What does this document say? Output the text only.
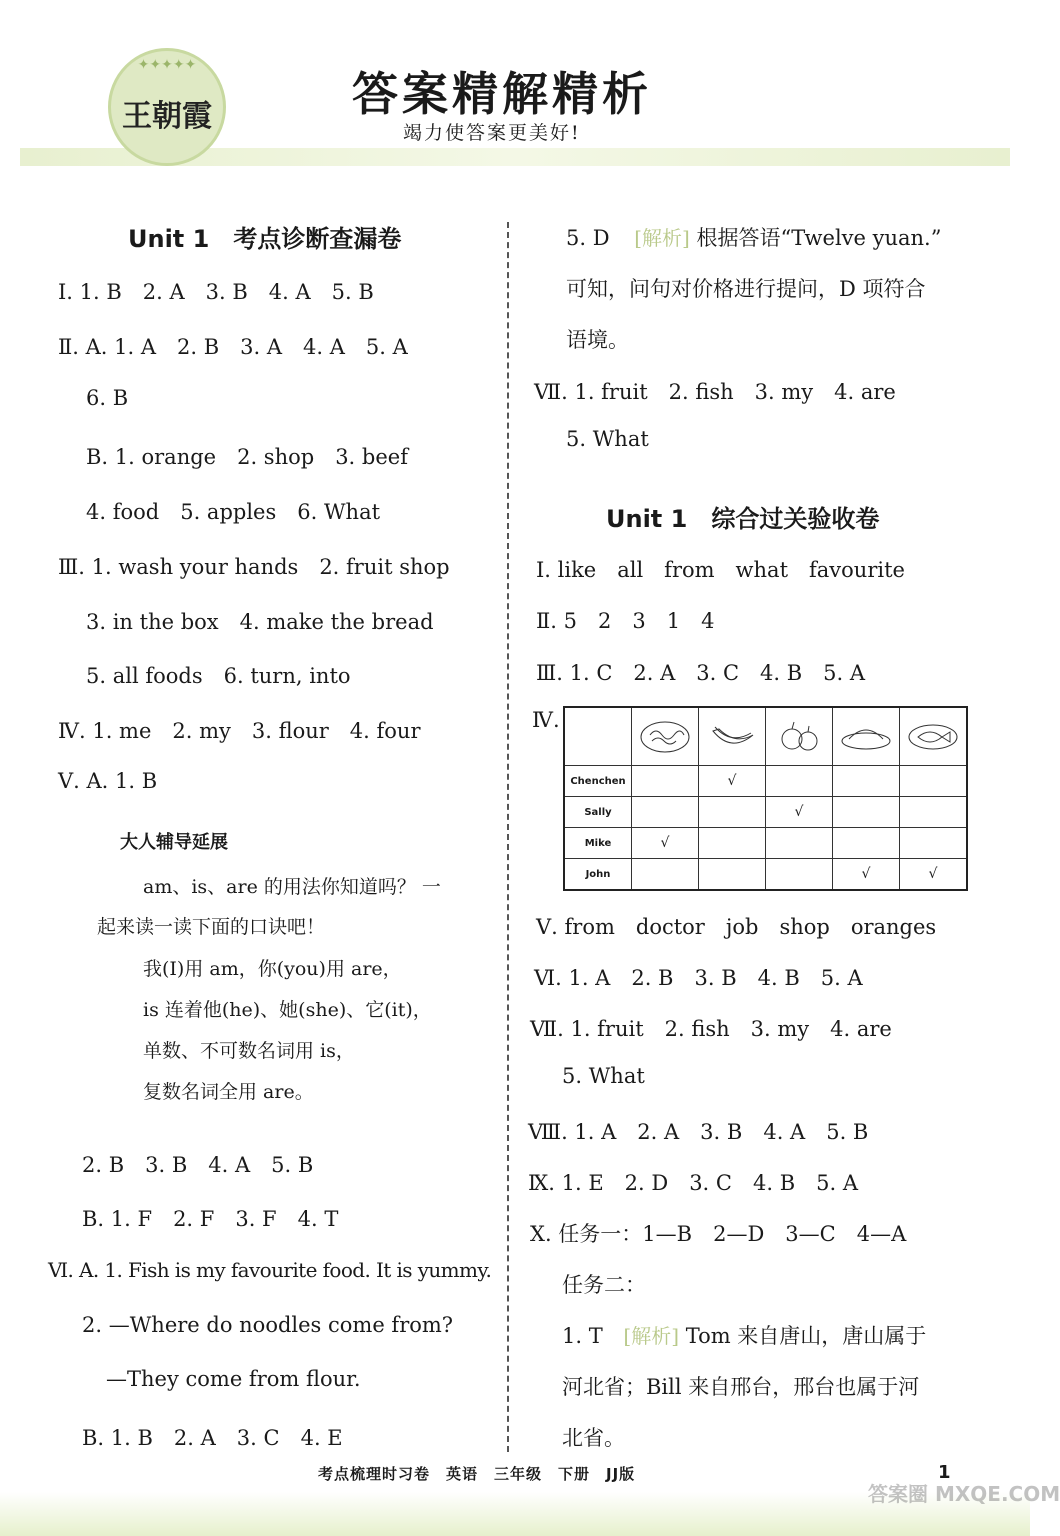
✦✦✦✦✦
王朝霞	答案精解精析
竭力使答案更美好!
Unit 1　考点诊断查漏卷
Ⅰ. 1. B　2. A　3. B　4. A　5. B
Ⅱ. A. 1. A　2. B　3. A　4. A　5. A
6. B
B. 1. orange　2. shop　3. beef
4. food　5. apples　6. What
Ⅲ. 1. wash your hands　2. fruit shop
3. in the box　4. make the bread
5. all foods　6. turn, into
Ⅳ. 1. me　2. my　3. flour　4. four
Ⅴ. A. 1. B
大人辅导延展
am、is、are 的用法你知道吗？ 一
起来读一读下面的口诀吧！
我(I)用 am，你(you)用 are，
is 连着他(he)、她(she)、它(it)，
单数、不可数名词用 is，
复数名词全用 are。
2. B　3. B　4. A　5. B
B. 1. F　2. F　3. F　4. T
Ⅵ. A. 1. Fish is my favourite food. It is yummy.
2. —Where do noodles come from?
—They come from flour.
B. 1. B　2. A　3. C　4. E
5. D [解析] 根据答语“Twelve yuan.”
可知，问句对价格进行提问，D 项符合
语境。
Ⅶ. 1. fruit　2. fish　3. my　4. are
5. What
Unit 1　综合过关验收卷
Ⅰ. like　all　from　what　favourite
Ⅱ. 5　2　3　1　4
Ⅲ. 1. C　2. A　3. C　4. B　5. A
Ⅳ.

Chenchen		√			
Sally			√		
Mike	√				
John				√	√
Ⅴ. from　doctor　job　shop　oranges
Ⅵ. 1. A　2. B　3. B　4. B　5. A
Ⅶ. 1. fruit　2. fish　3. my　4. are
5. What
Ⅷ. 1. A　2. A　3. B　4. A　5. B
Ⅸ. 1. E　2. D　3. C　4. B　5. A
Ⅹ. 任务一：1—B　2—D　3—C　4—A
任务二：
1. T [解析] Tom 来自唐山，唐山属于
河北省；Bill 来自邢台，邢台也属于河
北省。
考点梳理时习卷　英语　三年级　下册　JJ版	1
答案圈 MXQE.COM
